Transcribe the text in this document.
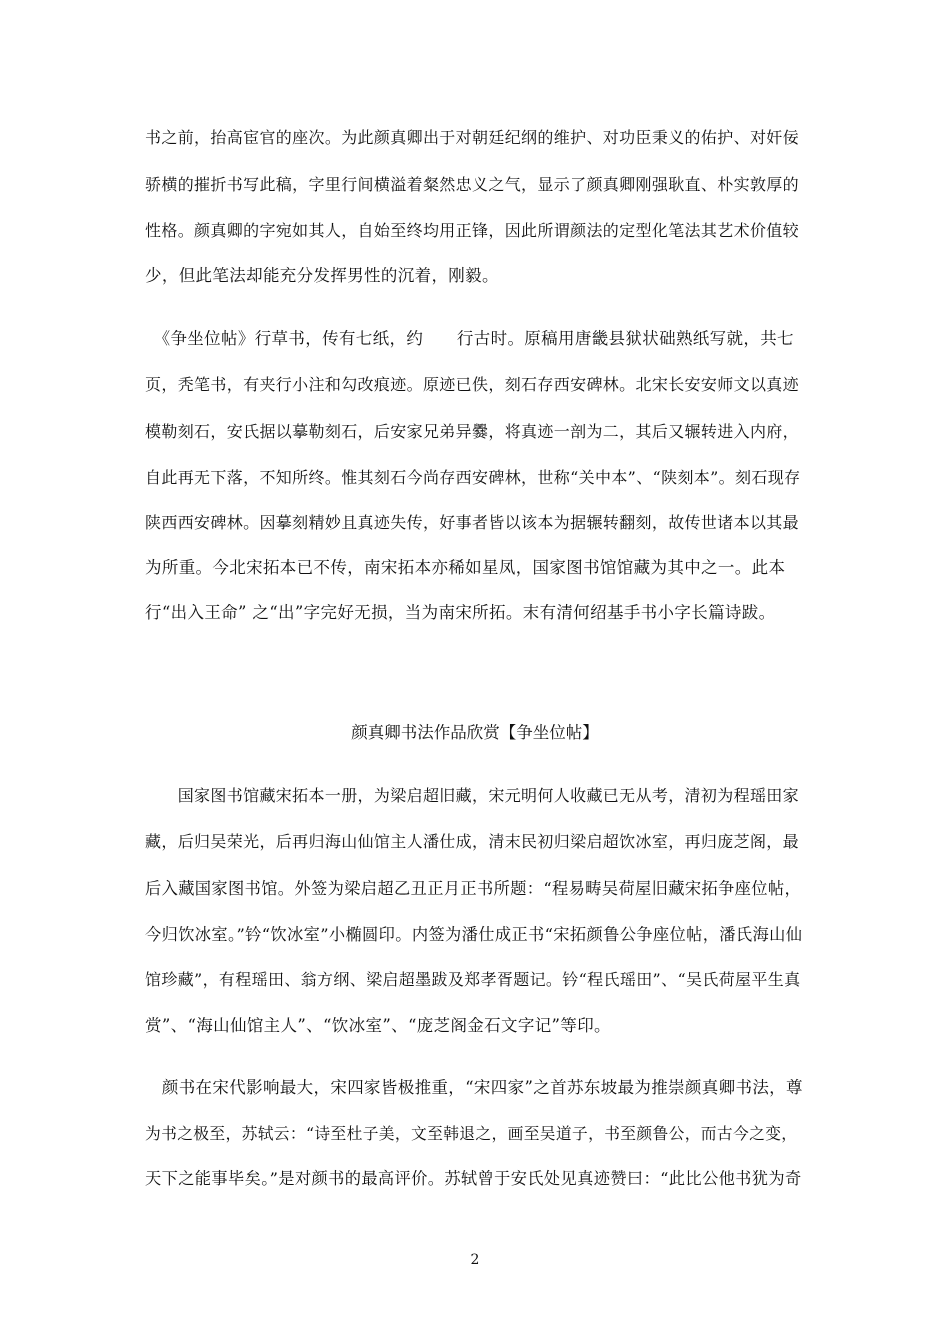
书之前，抬高宦官的座次。为此颜真卿出于对朝廷纪纲的维护、对功臣秉义的佑护、对奸佞
骄横的摧折书写此稿，字里行间横溢着粲然忠义之气，显示了颜真卿刚强耿直、朴实敦厚的
性格。颜真卿的字宛如其人，自始至终均用正锋，因此所谓颜法的定型化笔法其艺术价值较
少，但此笔法却能充分发挥男性的沉着，刚毅。
　《争坐位帖》行草书，传有七纸，约　　行古时。原稿用唐畿县狱状础熟纸写就，共七
页，秃笔书，有夹行小注和勾改痕迹。原迹已佚，刻石存西安碑林。北宋长安安师文以真迹
模勒刻石，安氏据以摹勒刻石，后安家兄弟异爨，将真迹一剖为二，其后又辗转进入内府，
自此再无下落，不知所终。惟其刻石今尚存西安碑林，世称“关中本”、“陕刻本”。刻石现存
陕西西安碑林。因摹刻精妙且真迹失传，好事者皆以该本为据辗转翻刻，故传世诸本以其最
为所重。今北宋拓本已不传，南宋拓本亦稀如星凤，国家图书馆馆藏为其中之一。此本
行“出入王命” 之“出”字完好无损，当为南宋所拓。末有清何绍基手书小字长篇诗跋。
颜真卿书法作品欣赏【争坐位帖】
　　国家图书馆藏宋拓本一册，为梁启超旧藏，宋元明何人收藏已无从考，清初为程瑶田家
藏，后归吴荣光，后再归海山仙馆主人潘仕成，清末民初归梁启超饮冰室，再归庞芝阁，最
后入藏国家图书馆。外签为梁启超乙丑正月正书所题：“程易畴吴荷屋旧藏宋拓争座位帖，
今归饮冰室。”钤“饮冰室”小椭圆印。内签为潘仕成正书“宋拓颜鲁公争座位帖，潘氏海山仙
馆珍藏”，有程瑶田、翁方纲、梁启超墨跋及郑孝胥题记。钤“程氏瑶田”、“吴氏荷屋平生真
赏”、“海山仙馆主人”、“饮冰室”、“庞芝阁金石文字记”等印。
　颜书在宋代影响最大，宋四家皆极推重，“宋四家”之首苏东坡最为推崇颜真卿书法，尊
为书之极至，苏轼云：“诗至杜子美，文至韩退之，画至吴道子，书至颜鲁公，而古今之变，
天下之能事毕矣。”是对颜书的最高评价。苏轼曾于安氏处见真迹赞曰：“此比公他书犹为奇
2
